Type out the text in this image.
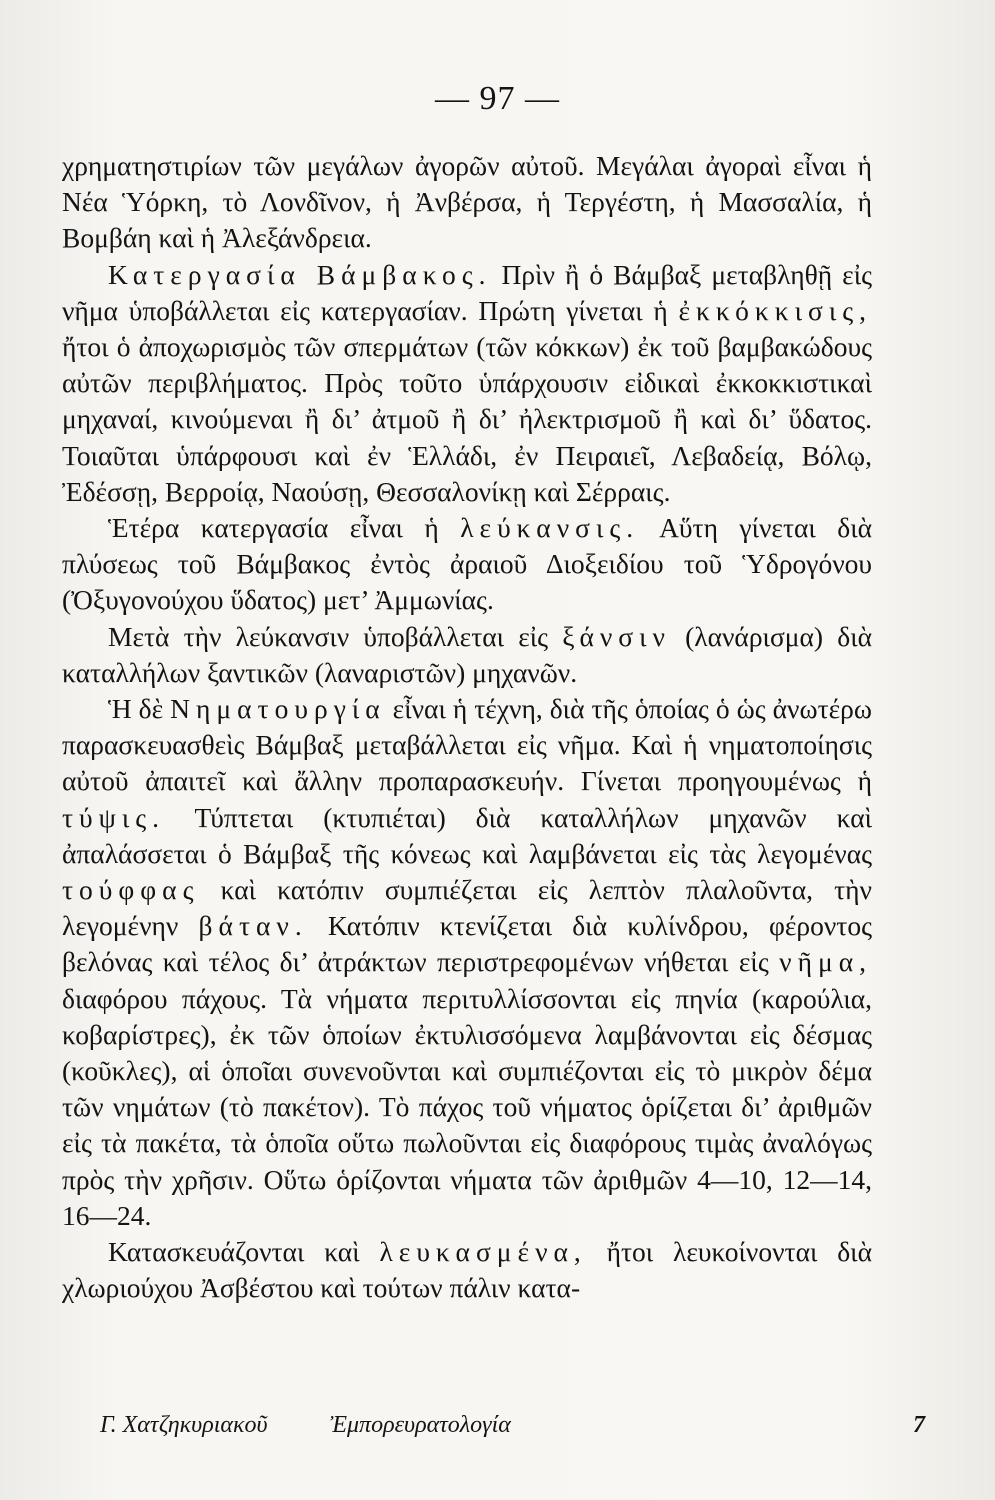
— 97 —

χρηματηστιρίων τῶν μεγάλων ἀγορῶν αὐτοῦ. Μεγάλαι ἀγοραὶ εἶναι ἡ Νέα Ὑόρκη, τὸ Λονδῖνον, ἡ Ἀνβέρσα, ἡ Τεργέστη, ἡ Μασσαλία, ἡ Βομβάη καὶ ἡ Ἀλεξάνδρεια.

Κατεργασία Βάμβακος. Πρὶν ἢ ὁ Βάμβαξ μεταβληθῇ εἰς νῆμα ὑποβάλλεται εἰς κατεργασίαν. Πρώτη γίνεται ἡ ἐκκόκκισις, ἤτοι ὁ ἀποχωρισμὸς τῶν σπερμάτων (τῶν κόκκων) ἐκ τοῦ βαμβακώδους αὐτῶν περιβλήματος. Πρὸς τοῦτο ὑπάρχουσιν εἰδικαὶ ἐκκοκκιστικαὶ μηχαναί, κινούμεναι ἢ δι’ ἀτμοῦ ἢ δι’ ἠλεκτρισμοῦ ἢ καὶ δι’ ὕδατος. Τοιαῦται ὑπάρφουσι καὶ ἐν Ἑλλάδι, ἐν Πειραιεῖ, Λεβαδείᾳ, Βόλῳ, Ἐδέσσῃ, Βερροίᾳ, Ναούσῃ, Θεσσαλονίκῃ καὶ Σέρραις.

Ἑτέρα κατεργασία εἶναι ἡ λεύκανσις. Αὕτη γίνεται διὰ πλύσεως τοῦ Βάμβακος ἐντὸς ἀραιοῦ Διοξειδίου τοῦ Ὑδρογόνου (Ὀξυγονούχου ὕδατος) μετ’ Ἀμμωνίας.

Μετὰ τὴν λεύκανσιν ὑποβάλλεται εἰς ξάνσιν (λανάρισμα) διὰ καταλλήλων ξαντικῶν (λαναριστῶν) μηχανῶν.

Ἡ δὲ Νηματουργία εἶναι ἡ τέχνη, διὰ τῆς ὁποίας ὁ ὡς ἀνωτέρω παρασκευασθεὶς Βάμβαξ μεταβάλλεται εἰς νῆμα. Καὶ ἡ νηματοποίησις αὐτοῦ ἀπαιτεῖ καὶ ἄλλην προπαρασκευήν. Γίνεται προηγουμένως ἡ τύψις. Τύπτεται (κτυπιέται) διὰ καταλλήλων μηχανῶν καὶ ἀπαλάσσεται ὁ Βάμβαξ τῆς κόνεως καὶ λαμβάνεται εἰς τὰς λεγομένας τούφφας καὶ κατόπιν συμπιέζεται εἰς λεπτὸν πλαλοῦντα, τὴν λεγομένην βάταν. Κατόπιν κτενίζεται διὰ κυλίνδρου, φέροντος βελόνας καὶ τέλος δι’ ἀτράκτων περιστρεφομένων νήθεται εἰς νῆμα, διαφόρου πάχους. Τὰ νήματα περιτυλλίσσονται εἰς πηνία (καρούλια, κοβαρίστρες), ἐκ τῶν ὁποίων ἐκτυλισσόμενα λαμβάνονται εἰς δέσμας (κοῦκλες), αἱ ὁποῖαι συνενοῦνται καὶ συμπιέζονται εἰς τὸ μικρὸν δέμα τῶν νημάτων (τὸ πακέτον). Τὸ πάχος τοῦ νήματος ὁρίζεται δι’ ἀριθμῶν εἰς τὰ πακέτα, τὰ ὁποῖα οὕτω πωλοῦνται εἰς διαφόρους τιμὰς ἀναλόγως πρὸς τὴν χρῆσιν. Οὕτω ὁρίζονται νήματα τῶν ἀριθμῶν 4—10, 12—14, 16—24.

Κατασκευάζονται καὶ λευκασμένα, ἤτοι λευκοίνονται διὰ χλωριούχου Ἀσβέστου καὶ τούτων πάλιν κατα-

Γ. Χατζηκυριακοῦ	Ἐμπορευρατολογία	7
